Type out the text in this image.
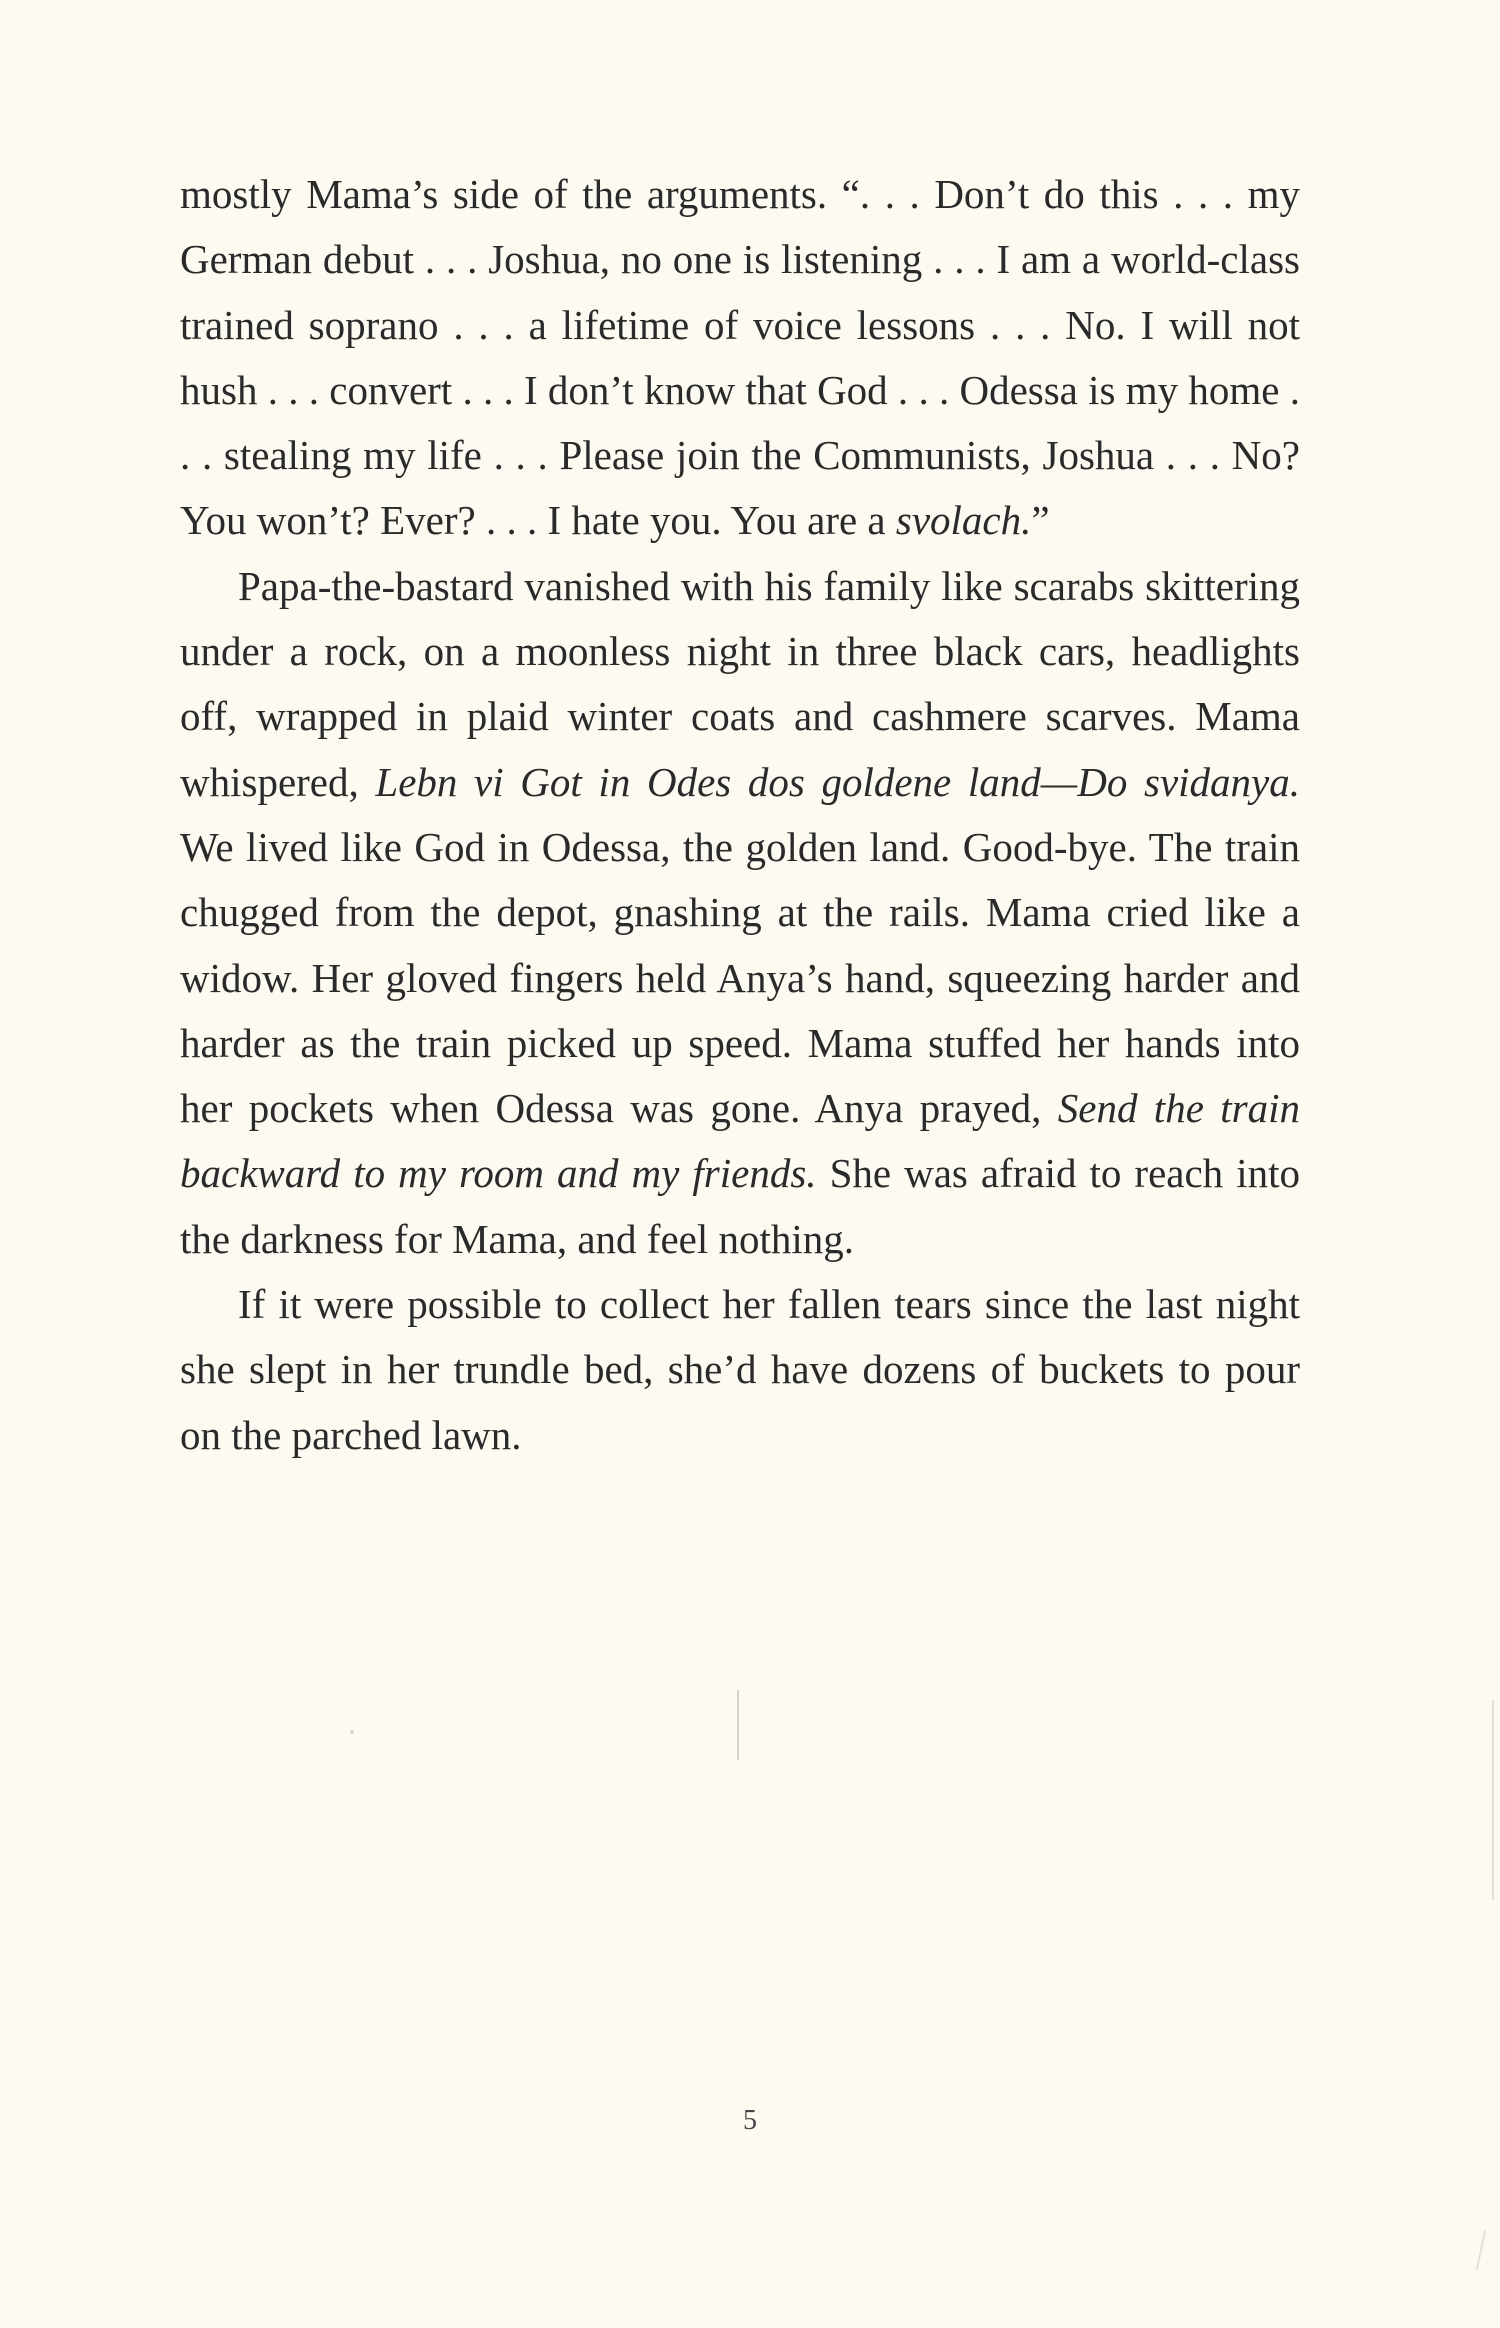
mostly Mama’s side of the arguments. “. . . Don’t do this . . . my German debut . . . Joshua, no one is listening . . . I am a world-class trained soprano . . . a lifetime of voice lessons . . . No. I will not hush . . . convert . . . I don’t know that God . . . Odessa is my home . . . stealing my life . . . Please join the Communists, Joshua . . . No? You won’t? Ever? . . . I hate you. You are a svolach.”

Papa-the-bastard vanished with his family like scarabs skittering under a rock, on a moonless night in three black cars, headlights off, wrapped in plaid winter coats and cashmere scarves. Mama whispered, Lebn vi Got in Odes dos goldene land—Do svidanya. We lived like God in Odessa, the golden land. Good-bye. The train chugged from the depot, gnashing at the rails. Mama cried like a widow. Her gloved fingers held Anya’s hand, squeezing harder and harder as the train picked up speed. Mama stuffed her hands into her pockets when Odessa was gone. Anya prayed, Send the train backward to my room and my friends. She was afraid to reach into the darkness for Mama, and feel nothing.

If it were possible to collect her fallen tears since the last night she slept in her trundle bed, she’d have dozens of buckets to pour on the parched lawn.

5
